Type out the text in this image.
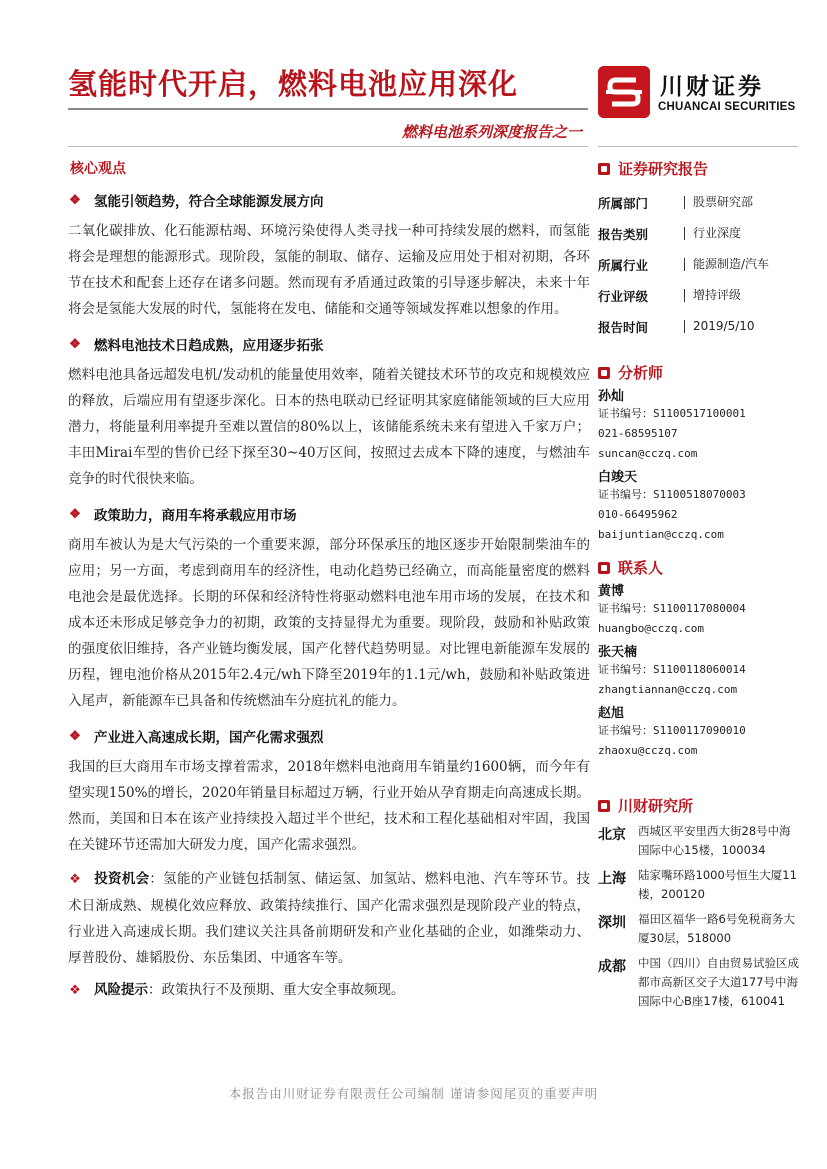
氢能时代开启，燃料电池应用深化
燃料电池系列深度报告之一
川财证券
CHUANCAI SECURITIES
核心观点
❖ 氢能引领趋势，符合全球能源发展方向

二氧化碳排放、化石能源枯竭、环境污染使得人类寻找一种可持续发展的燃料，而氢能将会是理想的能源形式。现阶段，氢能的制取、储存、运输及应用处于相对初期，各环节在技术和配套上还存在诸多问题。然而现有矛盾通过政策的引导逐步解决，未来十年将会是氢能大发展的时代，氢能将在发电、储能和交通等领域发挥难以想象的作用。

❖ 燃料电池技术日趋成熟，应用逐步拓张

燃料电池具备远超发电机/发动机的能量使用效率，随着关键技术环节的攻克和规模效应的释放，后端应用有望逐步深化。日本的热电联动已经证明其家庭储能领域的巨大应用潜力，将能量利用率提升至难以置信的80%以上，该储能系统未来有望进入千家万户；丰田Mirai车型的售价已经下探至30~40万区间，按照过去成本下降的速度，与燃油车竞争的时代很快来临。

❖ 政策助力，商用车将承载应用市场

商用车被认为是大气污染的一个重要来源，部分环保承压的地区逐步开始限制柴油车的应用；另一方面，考虑到商用车的经济性，电动化趋势已经确立，而高能量密度的燃料电池会是最优选择。长期的环保和经济特性将驱动燃料电池车用市场的发展，在技术和成本还未形成足够竞争力的初期，政策的支持显得尤为重要。现阶段，鼓励和补贴政策的强度依旧维持，各产业链均衡发展，国产化替代趋势明显。对比锂电新能源车发展的历程，锂电池价格从2015年2.4元/wh下降至2019年的1.1元/wh，鼓励和补贴政策进入尾声，新能源车已具备和传统燃油车分庭抗礼的能力。

❖ 产业进入高速成长期，国产化需求强烈

我国的巨大商用车市场支撑着需求，2018年燃料电池商用车销量约1600辆，而今年有望实现150%的增长，2020年销量目标超过万辆，行业开始从孕育期走向高速成长期。然而，美国和日本在该产业持续投入超过半个世纪，技术和工程化基础相对牢固，我国在关键环节还需加大研发力度，国产化需求强烈。

❖ 投资机会：氢能的产业链包括制氢、储运氢、加氢站、燃料电池、汽车等环节。技术日渐成熟、规模化效应释放、政策持续推行、国产化需求强烈是现阶段产业的特点，行业进入高速成长期。我们建议关注具备前期研发和产业化基础的企业，如潍柴动力、厚普股份、雄韬股份、东岳集团、中通客车等。

❖ 风险提示：政策执行不及预期、重大安全事故频现。

证券研究报告
所属部门	股票研究部
报告类别	行业深度
所属行业	能源制造/汽车
行业评级	增持评级
报告时间	2019/5/10
分析师
孙灿
证书编号：S1100517100001
021-68595107
suncan@cczq.com
白竣天
证书编号：S1100518070003
010-66495962
baijuntian@cczq.com
联系人
黄博
证书编号：S1100117080004
huangbo@cczq.com
张天楠
证书编号：S1100118060014
zhangtiannan@cczq.com
赵旭
证书编号：S1100117090010
zhaoxu@cczq.com
川财研究所
北京	西城区平安里西大街28号中海国际中心15楼，100034
上海	陆家嘴环路1000号恒生大厦11楼，200120
深圳	福田区福华一路6号免税商务大厦30层，518000
成都	中国（四川）自由贸易试验区成都市高新区交子大道177号中海国际中心B座17楼，610041
本报告由川财证券有限责任公司编制 谨请参阅尾页的重要声明
